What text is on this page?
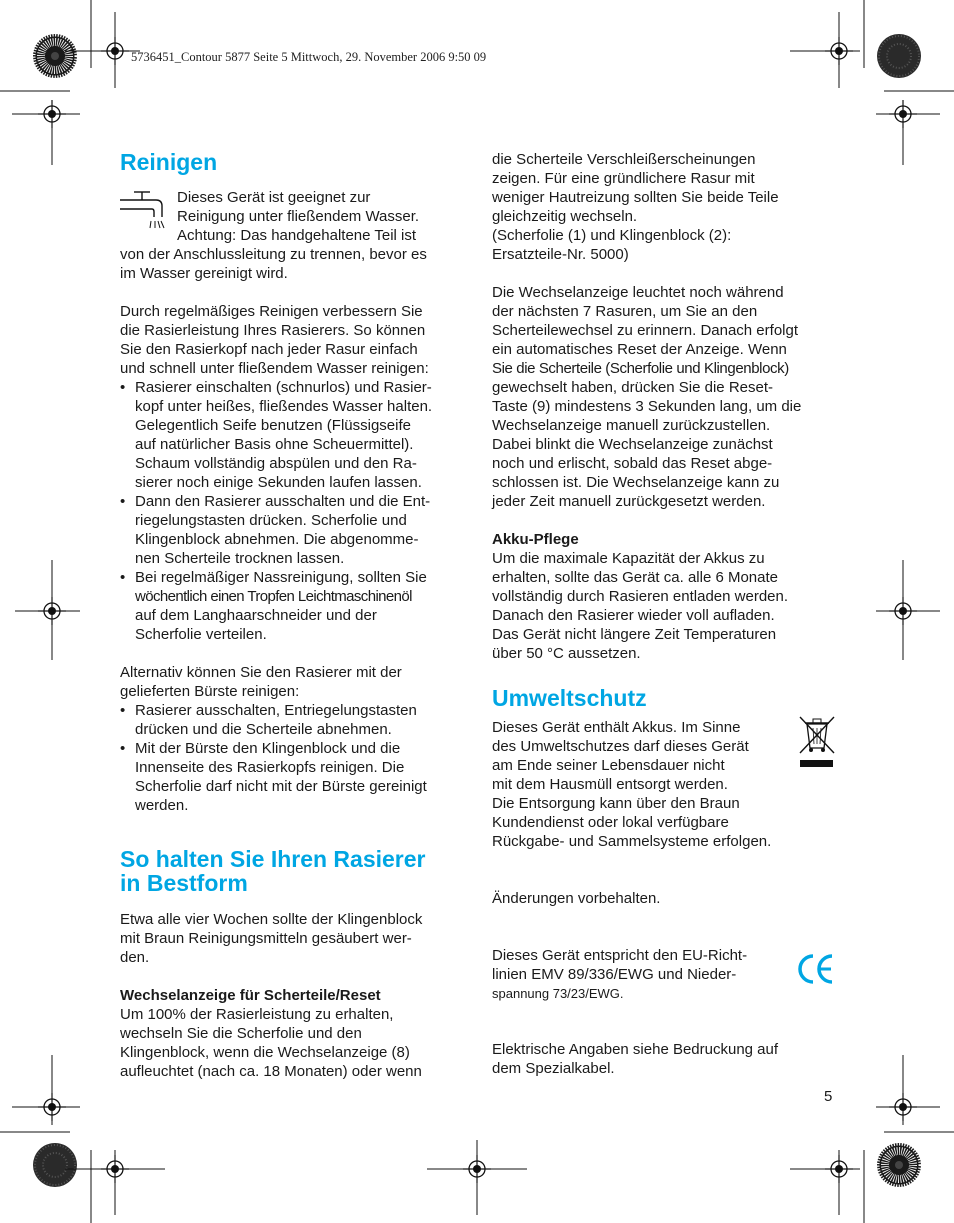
5736451_Contour 5877 Seite 5 Mittwoch, 29. November 2006 9:50 09
Reinigen

Dieses Gerät ist geeignet zur

Reinigung unter fließendem Wasser.

Achtung: Das handgehaltene Teil ist

von der Anschlussleitung zu trennen, bevor es

im Wasser gereinigt wird.

Durch regelmäßiges Reinigen verbessern Sie

die Rasierleistung Ihres Rasierers. So können

Sie den Rasierkopf nach jeder Rasur einfach

und schnell unter fließendem Wasser reinigen:

• Rasierer einschalten (schnurlos) und Rasier-

kopf unter heißes, fließendes Wasser halten.

Gelegentlich Seife benutzen (Flüssigseife

auf natürlicher Basis ohne Scheuermittel).

Schaum vollständig abspülen und den Ra-

sierer noch einige Sekunden laufen lassen.

• Dann den Rasierer ausschalten und die Ent-

riegelungstasten drücken. Scherfolie und

Klingenblock abnehmen. Die abgenomme-

nen Scherteile trocknen lassen.

• Bei regelmäßiger Nassreinigung, sollten Sie

wöchentlich einen Tropfen Leichtmaschinenöl

auf dem Langhaarschneider und der

Scherfolie verteilen.

Alternativ können Sie den Rasierer mit der

gelieferten Bürste reinigen:

• Rasierer ausschalten, Entriegelungstasten

drücken und die Scherteile abnehmen.

• Mit der Bürste den Klingenblock und die

Innenseite des Rasierkopfs reinigen. Die

Scherfolie darf nicht mit der Bürste gereinigt

werden.

So halten Sie Ihren Rasierer
in Bestform

Etwa alle vier Wochen sollte der Klingenblock

mit Braun Reinigungsmitteln gesäubert wer-

den.

Wechselanzeige für Scherteile/Reset

Um 100% der Rasierleistung zu erhalten,

wechseln Sie die Scherfolie und den

Klingenblock, wenn die Wechselanzeige (8)

aufleuchtet (nach ca. 18 Monaten) oder wenn

die Scherteile Verschleißerscheinungen

zeigen. Für eine gründlichere Rasur mit

weniger Hautreizung sollten Sie beide Teile

gleichzeitig wechseln.

(Scherfolie (1) und Klingenblock (2):

Ersatzteile-Nr. 5000)

Die Wechselanzeige leuchtet noch während

der nächsten 7 Rasuren, um Sie an den

Scherteilewechsel zu erinnern. Danach erfolgt

ein automatisches Reset der Anzeige. Wenn

Sie die Scherteile (Scherfolie und Klingenblock)

gewechselt haben, drücken Sie die Reset-

Taste (9) mindestens 3 Sekunden lang, um die

Wechselanzeige manuell zurückzustellen.

Dabei blinkt die Wechselanzeige zunächst

noch und erlischt, sobald das Reset abge-

schlossen ist. Die Wechselanzeige kann zu

jeder Zeit manuell zurückgesetzt werden.

Akku-Pflege

Um die maximale Kapazität der Akkus zu

erhalten, sollte das Gerät ca. alle 6 Monate

vollständig durch Rasieren entladen werden.

Danach den Rasierer wieder voll aufladen.

Das Gerät nicht längere Zeit Temperaturen

über 50 °C aussetzen.

Umweltschutz

Dieses Gerät enthält Akkus. Im Sinne

des Umweltschutzes darf dieses Gerät

am Ende seiner Lebensdauer nicht

mit dem Hausmüll entsorgt werden.

Die Entsorgung kann über den Braun

Kundendienst oder lokal verfügbare

Rückgabe- und Sammelsysteme erfolgen.

Änderungen vorbehalten.

Dieses Gerät entspricht den EU-Richt-

linien EMV 89/336/EWG und Nieder-

spannung 73/23/EWG.

Elektrische Angaben siehe Bedruckung auf

dem Spezialkabel.

5
